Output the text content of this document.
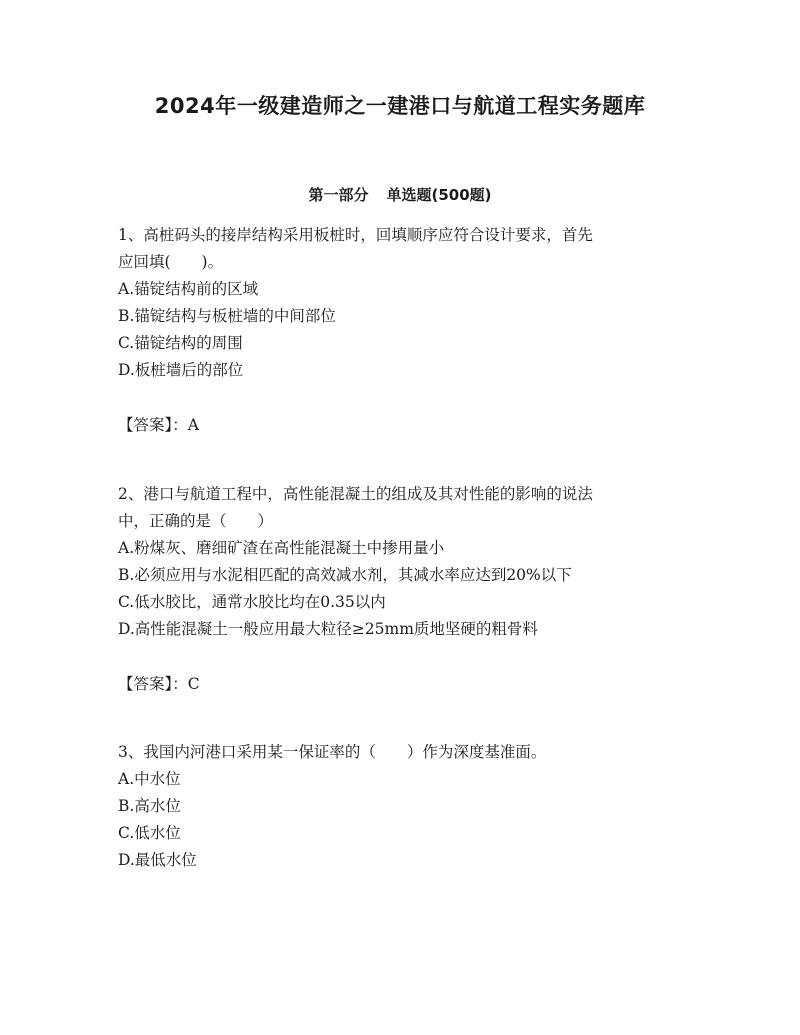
2024年一级建造师之一建港口与航道工程实务题库
第一部分 单选题(500题)

1、高桩码头的接岸结构采用板桩时，回填顺序应符合设计要求，首先

应回填(　　)。

A.锚锭结构前的区域

B.锚锭结构与板桩墙的中间部位

C.锚锭结构的周围

D.板桩墙后的部位

【答案】：A

2、港口与航道工程中，高性能混凝土的组成及其对性能的影响的说法

中，正确的是（　　）

A.粉煤灰、磨细矿渣在高性能混凝土中掺用量小

B.必须应用与水泥相匹配的高效减水剂，其减水率应达到20%以下

C.低水胶比，通常水胶比均在0.35以内

D.高性能混凝土一般应用最大粒径≥25mm质地坚硬的粗骨料

【答案】：C

3、我国内河港口采用某一保证率的（　　）作为深度基准面。

A.中水位

B.高水位

C.低水位

D.最低水位
